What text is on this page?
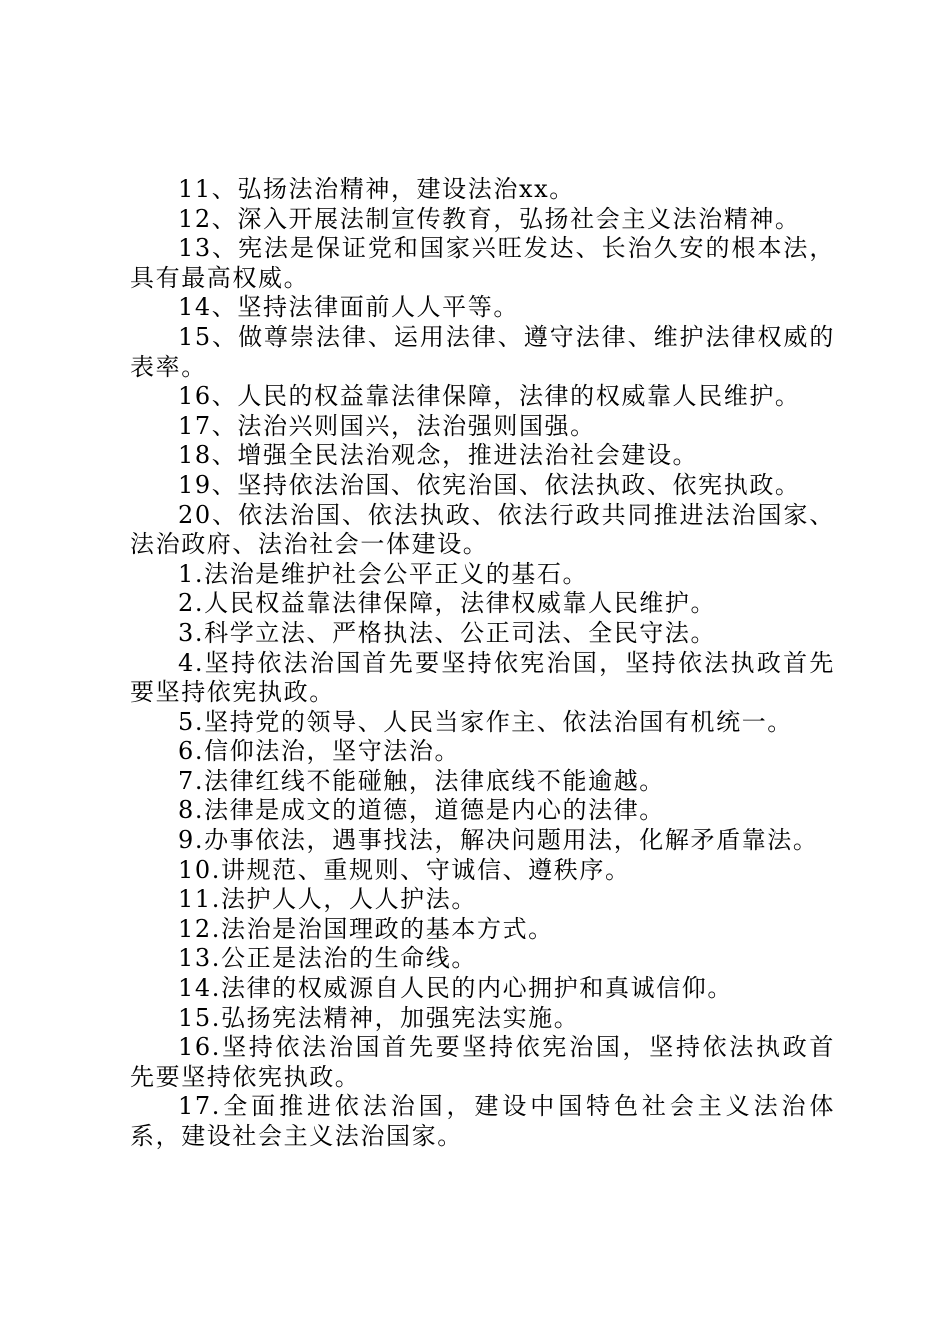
11、弘扬法治精神，建设法治xx。

12、深入开展法制宣传教育，弘扬社会主义法治精神。

13、宪法是保证党和国家兴旺发达、长治久安的根本法，具有最高权威。

14、坚持法律面前人人平等。

15、做尊崇法律、运用法律、遵守法律、维护法律权威的表率。

16、人民的权益靠法律保障，法律的权威靠人民维护。

17、法治兴则国兴，法治强则国强。

18、增强全民法治观念，推进法治社会建设。

19、坚持依法治国、依宪治国、依法执政、依宪执政。

20、依法治国、依法执政、依法行政共同推进法治国家、法治政府、法治社会一体建设。

1.法治是维护社会公平正义的基石。

2.人民权益靠法律保障，法律权威靠人民维护。

3.科学立法、严格执法、公正司法、全民守法。

4.坚持依法治国首先要坚持依宪治国，坚持依法执政首先要坚持依宪执政。

5.坚持党的领导、人民当家作主、依法治国有机统一。

6.信仰法治，坚守法治。

7.法律红线不能碰触，法律底线不能逾越。

8.法律是成文的道德，道德是内心的法律。

9.办事依法，遇事找法，解决问题用法，化解矛盾靠法。

10.讲规范、重规则、守诚信、遵秩序。

11.法护人人，人人护法。

12.法治是治国理政的基本方式。

13.公正是法治的生命线。

14.法律的权威源自人民的内心拥护和真诚信仰。

15.弘扬宪法精神，加强宪法实施。

16.坚持依法治国首先要坚持依宪治国，坚持依法执政首先要坚持依宪执政。

17.全面推进依法治国，建设中国特色社会主义法治体系，建设社会主义法治国家。
